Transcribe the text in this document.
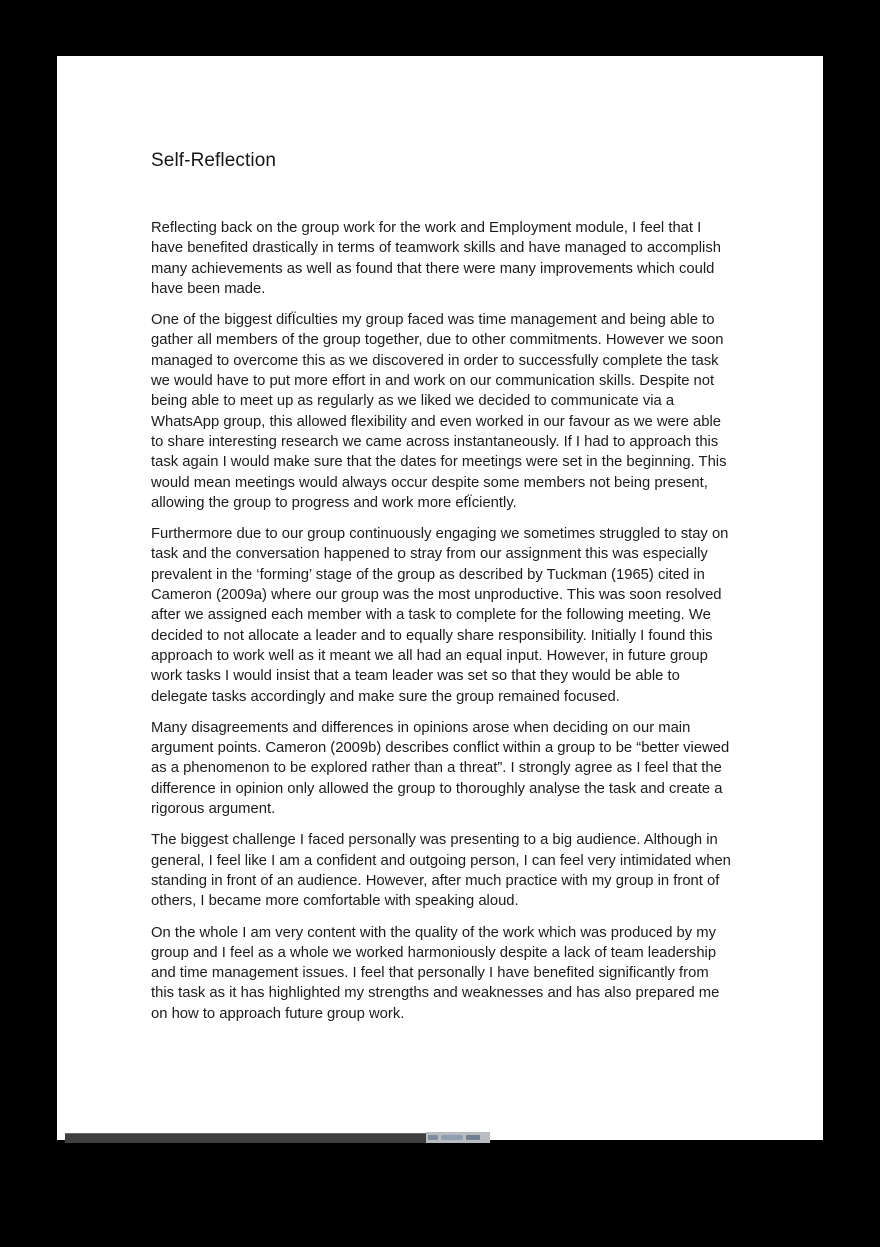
Self-Reflection

Reflecting back on the group work for the work and Employment module, I feel that I have benefited drastically in terms of teamwork skills and have managed to accomplish many achievements as well as found that there were many improvements which could have been made.

One of the biggest difÏculties my group faced was time management and being able to gather all members of the group together, due to other commitments. However we soon managed to overcome this as we discovered in order to successfully complete the task we would have to put more effort in and work on our communication skills. Despite not being able to meet up as regularly as we liked we decided to communicate via a WhatsApp group, this allowed flexibility and even worked in our favour as we were able to share interesting research we came across instantaneously. If I had to approach this task again I would make sure that the dates for meetings were set in the beginning. This would mean meetings would always occur despite some members not being present, allowing the group to progress and work more efÏciently.

Furthermore due to our group continuously engaging we sometimes struggled to stay on task and the conversation happened to stray from our assignment this was especially prevalent in the ‘forming’ stage of the group as described by Tuckman (1965) cited in Cameron (2009a) where our group was the most unproductive. This was soon resolved after we assigned each member with a task to complete for the following meeting. We decided to not allocate a leader and to equally share responsibility. Initially I found this approach to work well as it meant we all had an equal input. However, in future group work tasks I would insist that a team leader was set so that they would be able to delegate tasks accordingly and make sure the group remained focused.

Many disagreements and differences in opinions arose when deciding on our main argument points. Cameron (2009b) describes conflict within a group to be “better viewed as a phenomenon to be explored rather than a threat”. I strongly agree as I feel that the difference in opinion only allowed the group to thoroughly analyse the task and create a rigorous argument.

The biggest challenge I faced personally was presenting to a big audience. Although in general, I feel like I am a confident and outgoing person, I can feel very intimidated when standing in front of an audience. However, after much practice with my group in front of others, I became more comfortable with speaking aloud.

On the whole I am very content with the quality of the work which was produced by my group and I feel as a whole we worked harmoniously despite a lack of team leadership and time management issues. I feel that personally I have benefited significantly from this task as it has highlighted my strengths and weaknesses and has also prepared me on how to approach future group work.
